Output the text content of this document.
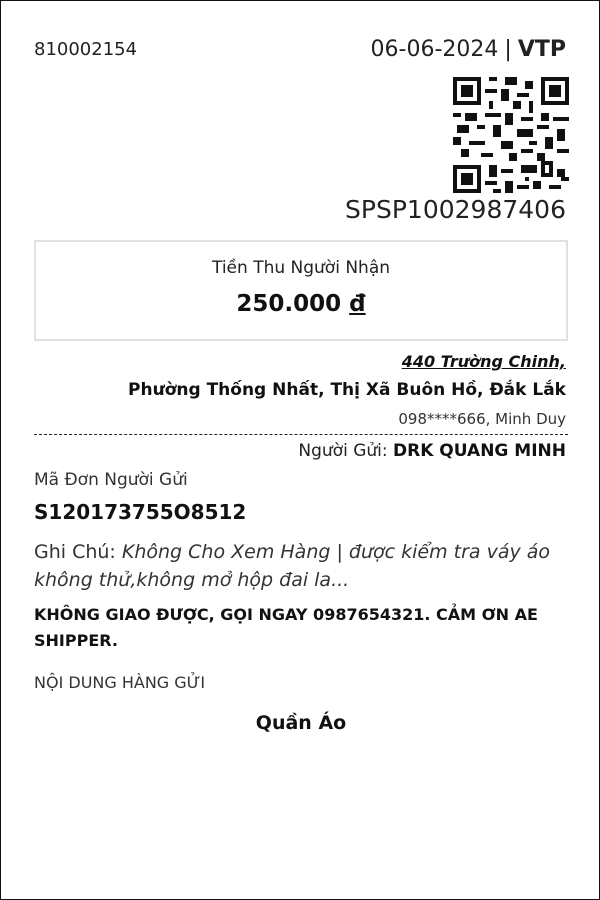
810002154	06-06-2024 | VTP
SPSP1002987406
Tiền Thu Người Nhận
250.000 đ
440 Trường Chinh,
Phường Thống Nhất, Thị Xã Buôn Hồ, Đắk Lắk
098****666, Minh Duy
Người Gửi: DRK QUANG MINH
Mã Đơn Người Gửi
S120173755O8512
Ghi Chú: Không Cho Xem Hàng | được kiểm tra váy áo không thử,không mở hộp đai la...
KHÔNG GIAO ĐƯỢC, GỌI NGAY 0987654321. CẢM ƠN AE SHIPPER.
NỘI DUNG HÀNG GỬI
Quần Áo
